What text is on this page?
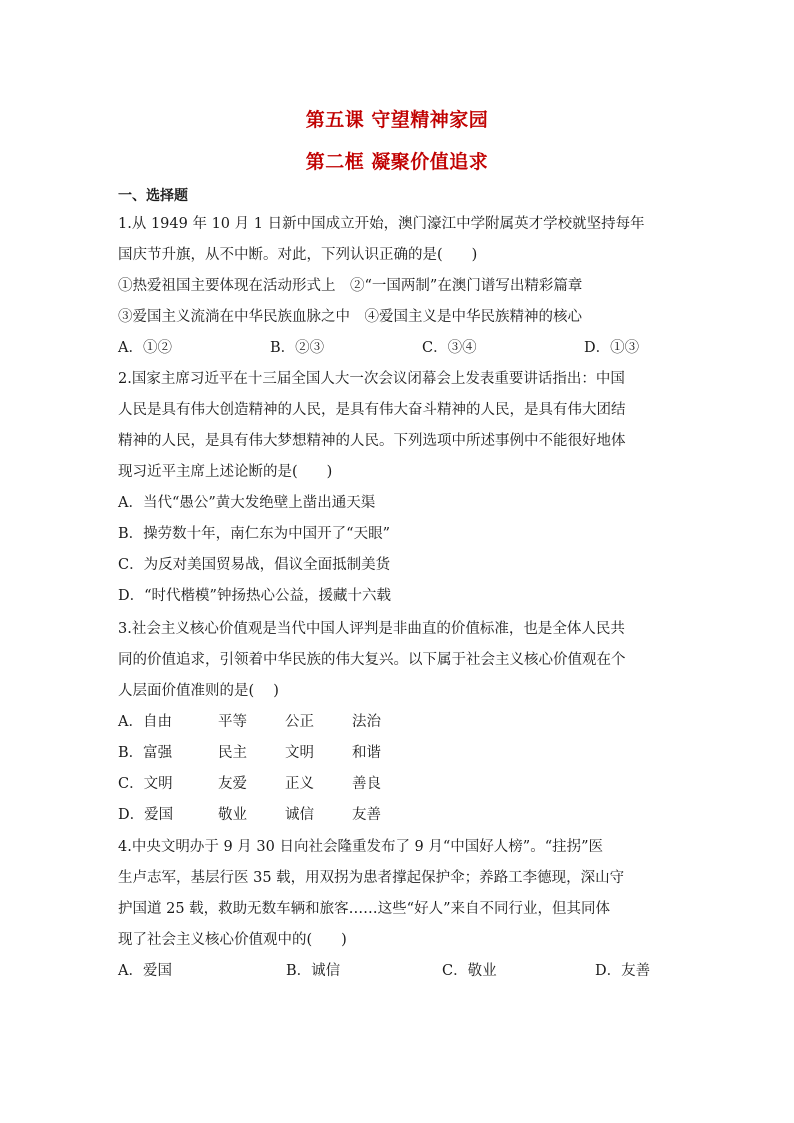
第五课 守望精神家园
第二框 凝聚价值追求
一、选择题
1.从 1949 年 10 月 1 日新中国成立开始，澳门濠江中学附属英才学校就坚持每年
国庆节升旗，从不中断。对此，下列认识正确的是(　　)
①热爱祖国主要体现在活动形式上　②“一国两制”在澳门谱写出精彩篇章
③爱国主义流淌在中华民族血脉之中　④爱国主义是中华民族精神的核心
A．①②	B．②③	C．③④	D．①③
2.国家主席习近平在十三届全国人大一次会议闭幕会上发表重要讲话指出：中国
人民是具有伟大创造精神的人民，是具有伟大奋斗精神的人民，是具有伟大团结
精神的人民，是具有伟大梦想精神的人民。下列选项中所述事例中不能很好地体
现习近平主席上述论断的是(　　)
A．当代“愚公”黄大发绝壁上凿出通天渠
B．操劳数十年，南仁东为中国开了“天眼”
C．为反对美国贸易战，倡议全面抵制美货
D．“时代楷模”钟扬热心公益，援藏十六载
3.社会主义核心价值观是当代中国人评判是非曲直的价值标准，也是全体人民共
同的价值追求，引领着中华民族的伟大复兴。以下属于社会主义核心价值观在个
人层面价值准则的是(　 )
A．自由	平等	公正	法治
B．富强	民主	文明	和谐
C．文明	友爱	正义	善良
D．爱国	敬业	诚信	友善
4.中央文明办于 9 月 30 日向社会隆重发布了 9 月“中国好人榜”。“拄拐”医
生卢志军，基层行医 35 载，用双拐为患者撑起保护伞；养路工李德现，深山守
护国道 25 载，救助无数车辆和旅客……这些“好人”来自不同行业，但其同体
现了社会主义核心价值观中的(　　)
A．爱国	B．诚信	C．敬业	D．友善
